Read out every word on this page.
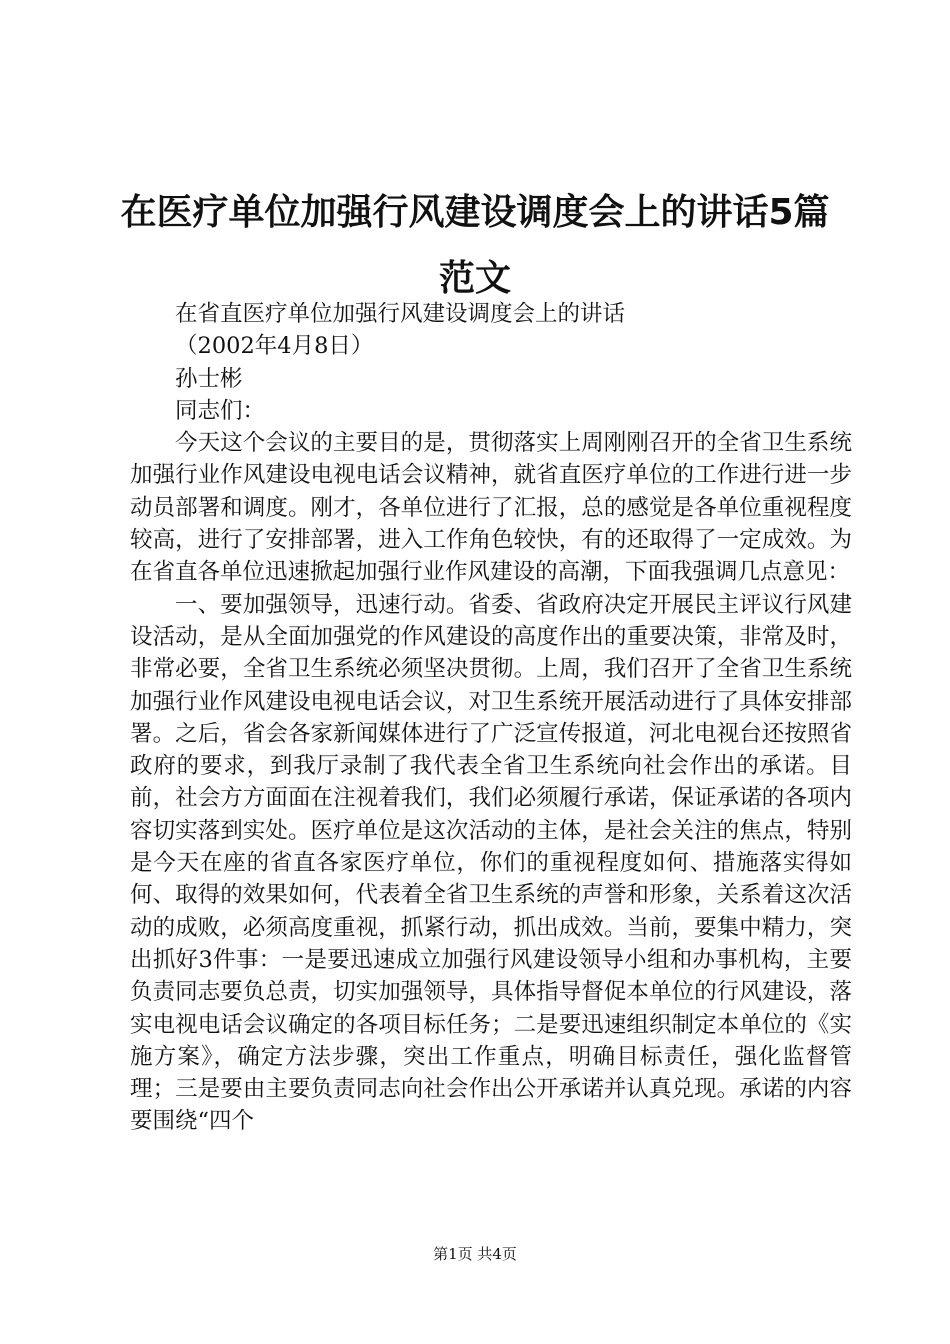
在医疗单位加强行风建设调度会上的讲话5篇范文

在省直医疗单位加强行风建设调度会上的讲话

（2002年4月8日）

孙士彬

同志们：

今天这个会议的主要目的是，贯彻落实上周刚刚召开的全省卫生系统加强行业作风建设电视电话会议精神，就省直医疗单位的工作进行进一步动员部署和调度。刚才，各单位进行了汇报，总的感觉是各单位重视程度较高，进行了安排部署，进入工作角色较快，有的还取得了一定成效。为在省直各单位迅速掀起加强行业作风建设的高潮，下面我强调几点意见：

一、要加强领导，迅速行动。省委、省政府决定开展民主评议行风建设活动，是从全面加强党的作风建设的高度作出的重要决策，非常及时，非常必要，全省卫生系统必须坚决贯彻。上周，我们召开了全省卫生系统加强行业作风建设电视电话会议，对卫生系统开展活动进行了具体安排部署。之后，省会各家新闻媒体进行了广泛宣传报道，河北电视台还按照省政府的要求，到我厅录制了我代表全省卫生系统向社会作出的承诺。目前，社会方方面面在注视着我们，我们必须履行承诺，保证承诺的各项内容切实落到实处。医疗单位是这次活动的主体，是社会关注的焦点，特别是今天在座的省直各家医疗单位，你们的重视程度如何、措施落实得如何、取得的效果如何，代表着全省卫生系统的声誉和形象，关系着这次活动的成败，必须高度重视，抓紧行动，抓出成效。当前，要集中精力，突出抓好3件事：一是要迅速成立加强行风建设领导小组和办事机构，主要负责同志要负总责，切实加强领导，具体指导督促本单位的行风建设，落实电视电话会议确定的各项目标任务；二是要迅速组织制定本单位的《实施方案》，确定方法步骤，突出工作重点，明确目标责任，强化监督管理；三是要由主要负责同志向社会作出公开承诺并认真兑现。承诺的内容要围绕“四个

第1页 共4页
